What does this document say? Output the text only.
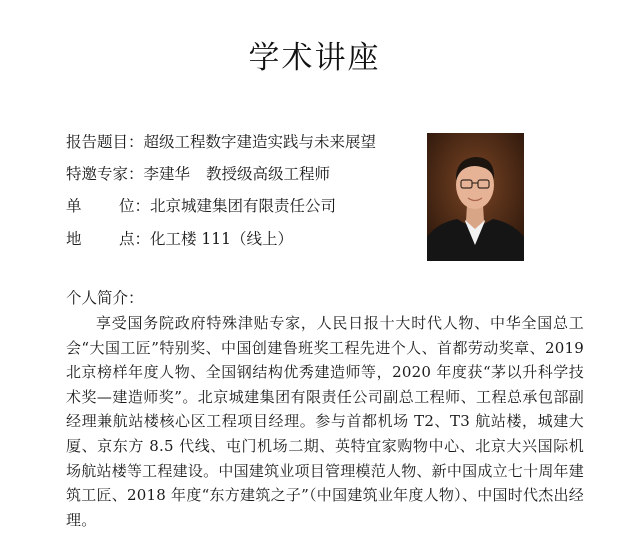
学术讲座
报告题目：超级工程数字建造实践与未来展望
特邀专家：李建华 教授级高级工程师
单 位： 北京城建集团有限责任公司
地 点： 化工楼 111（线上）
个人简介：
享受国务院政府特殊津贴专家，人民日报十大时代人物、中华全国总工会“大国工匠”特别奖、中国创建鲁班奖工程先进个人、首都劳动奖章、2019 北京榜样年度人物、全国钢结构优秀建造师等，2020 年度获“茅以升科学技术奖—建造师奖”。北京城建集团有限责任公司副总工程师、工程总承包部副经理兼航站楼核心区工程项目经理。参与首都机场 T2、T3 航站楼，城建大厦、京东方 8.5 代线、屯门机场二期、英特宜家购物中心、北京大兴国际机场航站楼等工程建设。中国建筑业项目管理模范人物、新中国成立七十周年建筑工匠、2018 年度“东方建筑之子”（中国建筑业年度人物）、中国时代杰出经理。
